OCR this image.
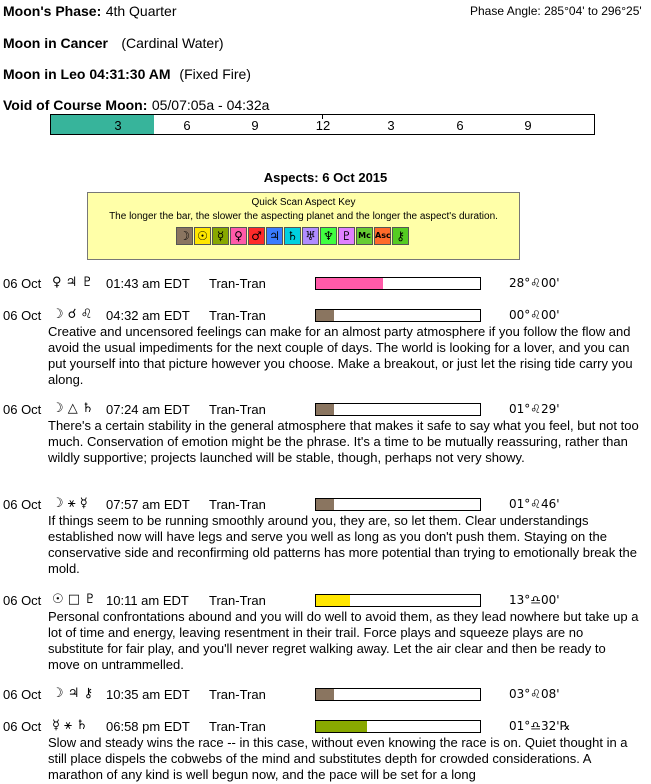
Moon's Phase: 4th Quarter	Phase Angle: 285°04' to 296°25'
Moon in Cancer (Cardinal Water)
Moon in Leo 04:31:30 AM (Fixed Fire)
Void of Course Moon: 05/07:05a - 04:32a
3	6	9	12	3	6	9
Aspects: 6 Oct 2015
Quick Scan Aspect Key
The longer the bar, the slower the aspecting planet and the longer the aspect's duration.
☽ ☉ ☿ ♀ ♂ ♃ ♄ ♅ ♆ ♇ Mc Asc ⚷
06 Oct ♀ ♃ ♇ 01:43 am EDT Tran-Tran	28°♌00'
06 Oct ☽ ☌ ♌ 04:32 am EDT Tran-Tran	00°♌00'
Creative and uncensored feelings can make for an almost party atmosphere if you follow the flow and avoid the usual impediments for the next couple of days. The world is looking for a lover, and you can put yourself into that picture however you choose. Make a breakout, or just let the rising tide carry you along.
06 Oct ☽ △ ♄ 07:24 am EDT Tran-Tran	01°♌29'
There's a certain stability in the general atmosphere that makes it safe to say what you feel, but not too much. Conservation of emotion might be the phrase. It's a time to be mutually reassuring, rather than wildly supportive; projects launched will be stable, though, perhaps not very showy.
06 Oct ☽ ⚹ ☿ 07:57 am EDT Tran-Tran	01°♌46'
If things seem to be running smoothly around you, they are, so let them. Clear understandings established now will have legs and serve you well as long as you don't push them. Staying on the conservative side and reconfirming old patterns has more potential than trying to emotionally break the mold.
06 Oct ☉ □ ♇ 10:11 am EDT Tran-Tran	13°♎00'
Personal confrontations abound and you will do well to avoid them, as they lead nowhere but take up a lot of time and energy, leaving resentment in their trail. Force plays and squeeze plays are no substitute for fair play, and you'll never regret walking away. Let the air clear and then be ready to move on untrammelled.
06 Oct ☽ ♃ ⚷ 10:35 am EDT Tran-Tran	03°♌08'
06 Oct ☿ ⚹ ♄ 06:58 pm EDT Tran-Tran	01°♎32'℞
Slow and steady wins the race -- in this case, without even knowing the race is on. Quiet thought in a still place dispels the cobwebs of the mind and substitutes depth for crowded considerations. A marathon of any kind is well begun now, and the pace will be set for a long
